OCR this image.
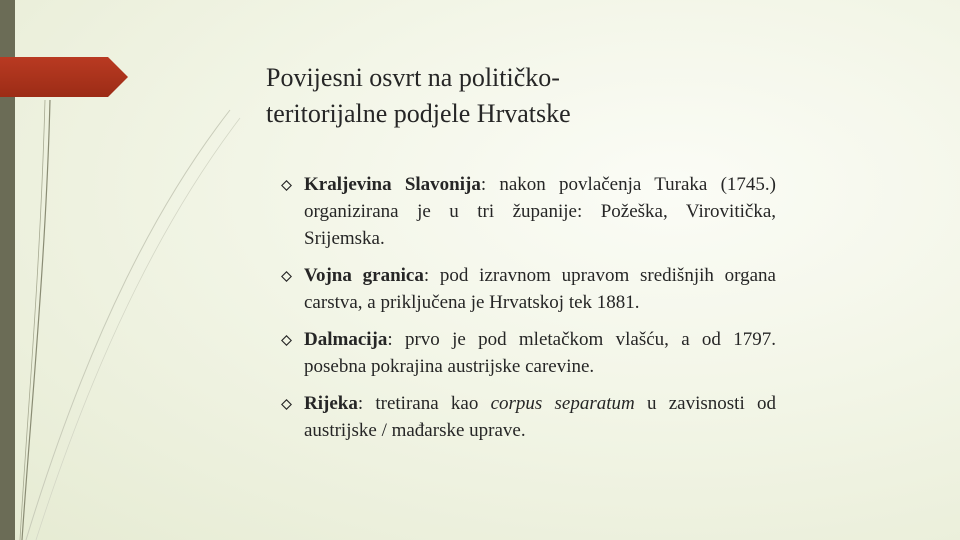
Povijesni osvrt na političko-
teritorijalne podjele Hrvatske
Kraljevina Slavonija: nakon povlačenja Turaka (1745.) organizirana je u tri županije: Požeška, Virovitička, Srijemska.
Vojna granica: pod izravnom upravom središnjih organa carstva, a priključena je Hrvatskoj tek 1881.
Dalmacija: prvo je pod mletačkom vlašću, a od 1797. posebna pokrajina austrijske carevine.
Rijeka: tretirana kao corpus separatum u zavisnosti od austrijske / mađarske uprave.
